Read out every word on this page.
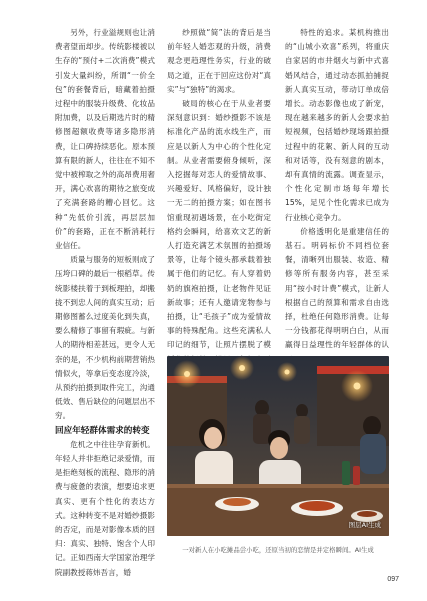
另外，行业溢规则也让消费者望而却步。传统影楼被以生存的“预付+二次消费”模式引发大量纠纷，所谓“一价全包”的套餐背后，暗藏着拍摄过程中的服装升级费、化妆品附加费，以及后期选片时的精修图超额收费等诸多隐形消费，让口碑持续恶化。原本预算有限的新人，往往在不知不觉中被榨取之外的高昂费用奢开，满心欢喜的期待之旅变成了充满套路的糟心回忆。这种“先低价引流，再层层加价”的套路，正在不断消耗行业信任。

质量与服务的短板则成了压垮口碑的最后一根稻草。传统影楼扶着于到板理拍，却搬拢不到忠人间的真实互动；后期修图蓄么过度美化到失真，要么精修了事留有瑕疵。与新人的期待相差甚远，更令人无奈的是，不少机构前期营销热情似火，等拿后变态度冷淡，从预约拍摄到取件完工，沟通低效、售后缺位的问题层出不穷。

回应年轻群体需求的转变

危机之中往往孕育新机。年轻人并非拒绝记录爱情，而是拒绝刻板的流程、隐形的消费与疲惫的表演，想要追求更真实、更有个性化的表达方式。这种转变不是对婚纱摄影的否定，而是对影像本质的回归：真实、独特、饱含个人印记。正如西南大学国家治理学院副教授蒋炜吾言，婚

纱照做“简”法的背后是当前年轻人婚恋观的升级，消费观念更趋理性务实，行业的破局之道，正在于回应这份对“真实”与“独特”的渴求。

破局的核心在于从业者要深刻意识到：婚纱摄影不该是标准化产品的流水线生产，而应是以新人为中心的个性化定制。从业者需要俯身倾听，深入挖掘每对恋人的爱情故事、兴趣爱好、风格偏好，设计独一无二的拍摄方案；如在图书馆重现初遇场景，在小吃街定格约会瞬间，给喜欢文艺的新人打造充满艺术氛围的拍摄场景等，让每个镜头都承载着独属于他们的记忆。有人穿着奶奶的旗袍拍摄，让老物件见证新故事；还有人邀请宠物参与拍摄，让“毛孩子”成为爱情故事的特殊配角。这些充满私人印记的细节，让照片摆脱了模

特性的追求。某机构推出的“山城小欢喜”系列，将重庆自家居的市井烟火与新中式喜婚风结合，通过动态抓拍捕捉新人真实互动，带动订单成倍增长。动态影像也成了新宠，现在越来越多的新人会要求拍短视频，包括婚纱现场跟拍摄过程中的花絮、新人间的互动和对话等，没有刻意的剧本，却有真情的流露。调查显示，个性化定制市场每年增长15%，足见个性化需求已成为行业核心竞争力。

价格透明化是重建信任的基石。明码标价不同档位套餐，清晰列出服装、妆造、精修等所有服务内容，甚至采用“按小时计费”模式，让新人根据自己的预算和需求自由选择，杜绝任何隐形消费。让每一分钱都花得明明白白，从而赢得日益理性的年轻群体的认

图层AI生成
一对新人在小吃摊品尝小吃，还原当初的恋情是并定格瞬间。AI生成
097
